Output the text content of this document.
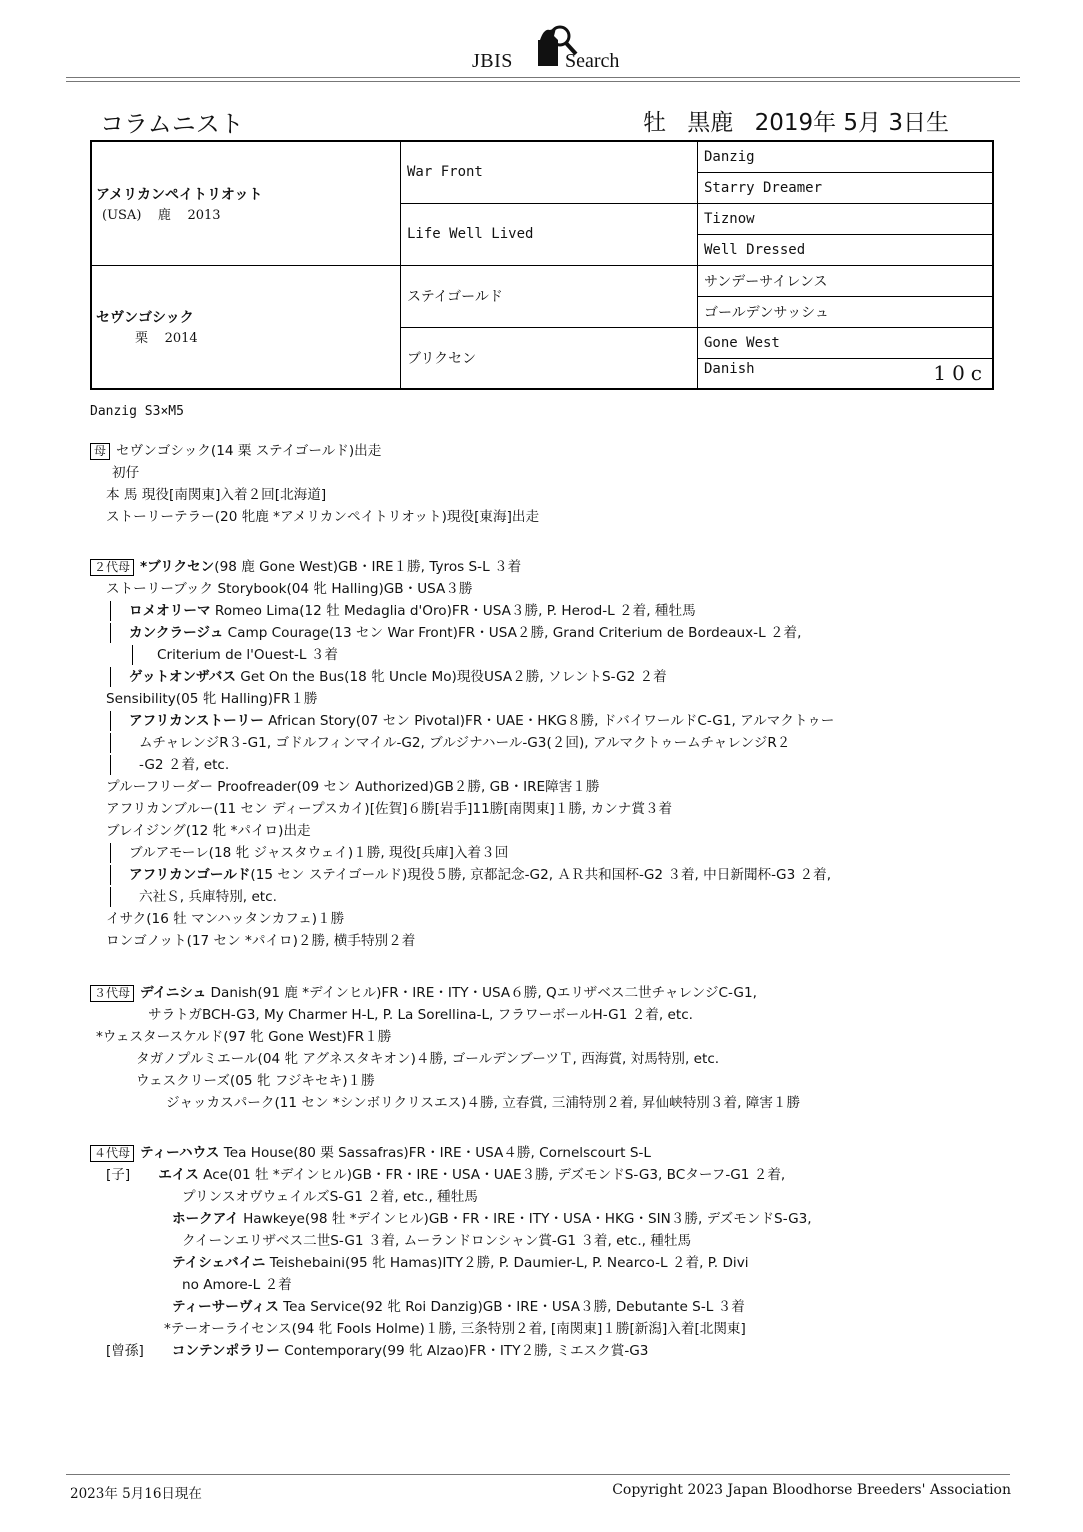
JBIS	Search
コラムニスト	牡 黒鹿 2019年 5月 3日生
アメリカンペイトリオット
(USA)    鹿    2013	War Front	Danzig
		Starry Dreamer
	Life Well Lived	Tiznow
		Well Dressed

セヴンゴシック
栗    2014	ステイゴールド	サンデーサイレンス
		ゴールデンサッシュ
	ブリクセン	Gone West
		Danish 10c
Danzig S3×M5
母 セヴンゴシック(14 栗 ステイゴールド)出走
初仔
本 馬 現役[南関東]入着２回[北海道]
ストーリーテラー(20 牝鹿 *アメリカンペイトリオット)現役[東海]出走
２代母 *ブリクセン(98 鹿 Gone West)GB・IRE１勝, Tyros S-L ３着
ストーリーブック Storybook(04 牝 Halling)GB・USA３勝
ロメオリーマ Romeo Lima(12 牡 Medaglia d'Oro)FR・USA３勝, P. Herod-L ２着, 種牡馬
カンクラージュ Camp Courage(13 セン War Front)FR・USA２勝, Grand Criterium de Bordeaux-L ２着,
Criterium de l'Ouest-L ３着
ゲットオンザバス Get On the Bus(18 牝 Uncle Mo)現役USA２勝, ソレントS-G2 ２着
Sensibility(05 牝 Halling)FR１勝
アフリカンストーリー African Story(07 セン Pivotal)FR・UAE・HKG８勝, ドバイワールドC-G1, アルマクトゥー
ムチャレンジR３-G1, ゴドルフィンマイル-G2, ブルジナハール-G3(２回), アルマクトゥームチャレンジR２
-G2 ２着, etc.
プルーフリーダー Proofreader(09 セン Authorized)GB２勝, GB・IRE障害１勝
アフリカンブルー(11 セン ディープスカイ)[佐賀]６勝[岩手]11勝[南関東]１勝, カンナ賞３着
ブレイジング(12 牝 *パイロ)出走
ブルアモーレ(18 牝 ジャスタウェイ)１勝, 現役[兵庫]入着３回
アフリカンゴールド(15 セン ステイゴールド)現役５勝, 京都記念-G2, ＡＲ共和国杯-G2 ３着, 中日新聞杯-G3 ２着,
六社Ｓ, 兵庫特別, etc.
イサク(16 牡 マンハッタンカフェ)１勝
ロンゴノット(17 セン *パイロ)２勝, 横手特別２着
３代母 デイニシュ Danish(91 鹿 *デインヒル)FR・IRE・ITY・USA６勝, Qエリザベス二世チャレンジC-G1,
サラトガBCH-G3, My Charmer H-L, P. La Sorellina-L, フラワーボールH-G1 ２着, etc.
*ウェスタースケルド(97 牝 Gone West)FR１勝
タガノプルミエール(04 牝 アグネスタキオン)４勝, ゴールデンブーツＴ, 西海賞, 対馬特別, etc.
ウェスクリーズ(05 牝 フジキセキ)１勝
ジャッカスパーク(11 セン *シンボリクリスエス)４勝, 立春賞, 三浦特別２着, 昇仙峡特別３着, 障害１勝
４代母 ティーハウス Tea House(80 栗 Sassafras)FR・IRE・USA４勝, Cornelscourt S-L
[子] エイス Ace(01 牡 *デインヒル)GB・FR・IRE・USA・UAE３勝, デズモンドS-G3, BCターフ-G1 ２着,
プリンスオヴウェイルズS-G1 ２着, etc., 種牡馬
ホークアイ Hawkeye(98 牡 *デインヒル)GB・FR・IRE・ITY・USA・HKG・SIN３勝, デズモンドS-G3,
クイーンエリザベス二世S-G1 ３着, ムーランドロンシャン賞-G1 ３着, etc., 種牡馬
テイシェバイニ Teishebaini(95 牝 Hamas)ITY２勝, P. Daumier-L, P. Nearco-L ２着, P. Divi
no Amore-L ２着
ティーサーヴィス Tea Service(92 牝 Roi Danzig)GB・IRE・USA３勝, Debutante S-L ３着
*テーオーライセンス(94 牝 Fools Holme)１勝, 三条特別２着, [南関東]１勝[新潟]入着[北関東]
[曾孫] コンテンポラリー Contemporary(99 牝 Alzao)FR・ITY２勝, ミエスク賞-G3
2023年 5月16日現在	Copyright 2023 Japan Bloodhorse Breeders' Association
